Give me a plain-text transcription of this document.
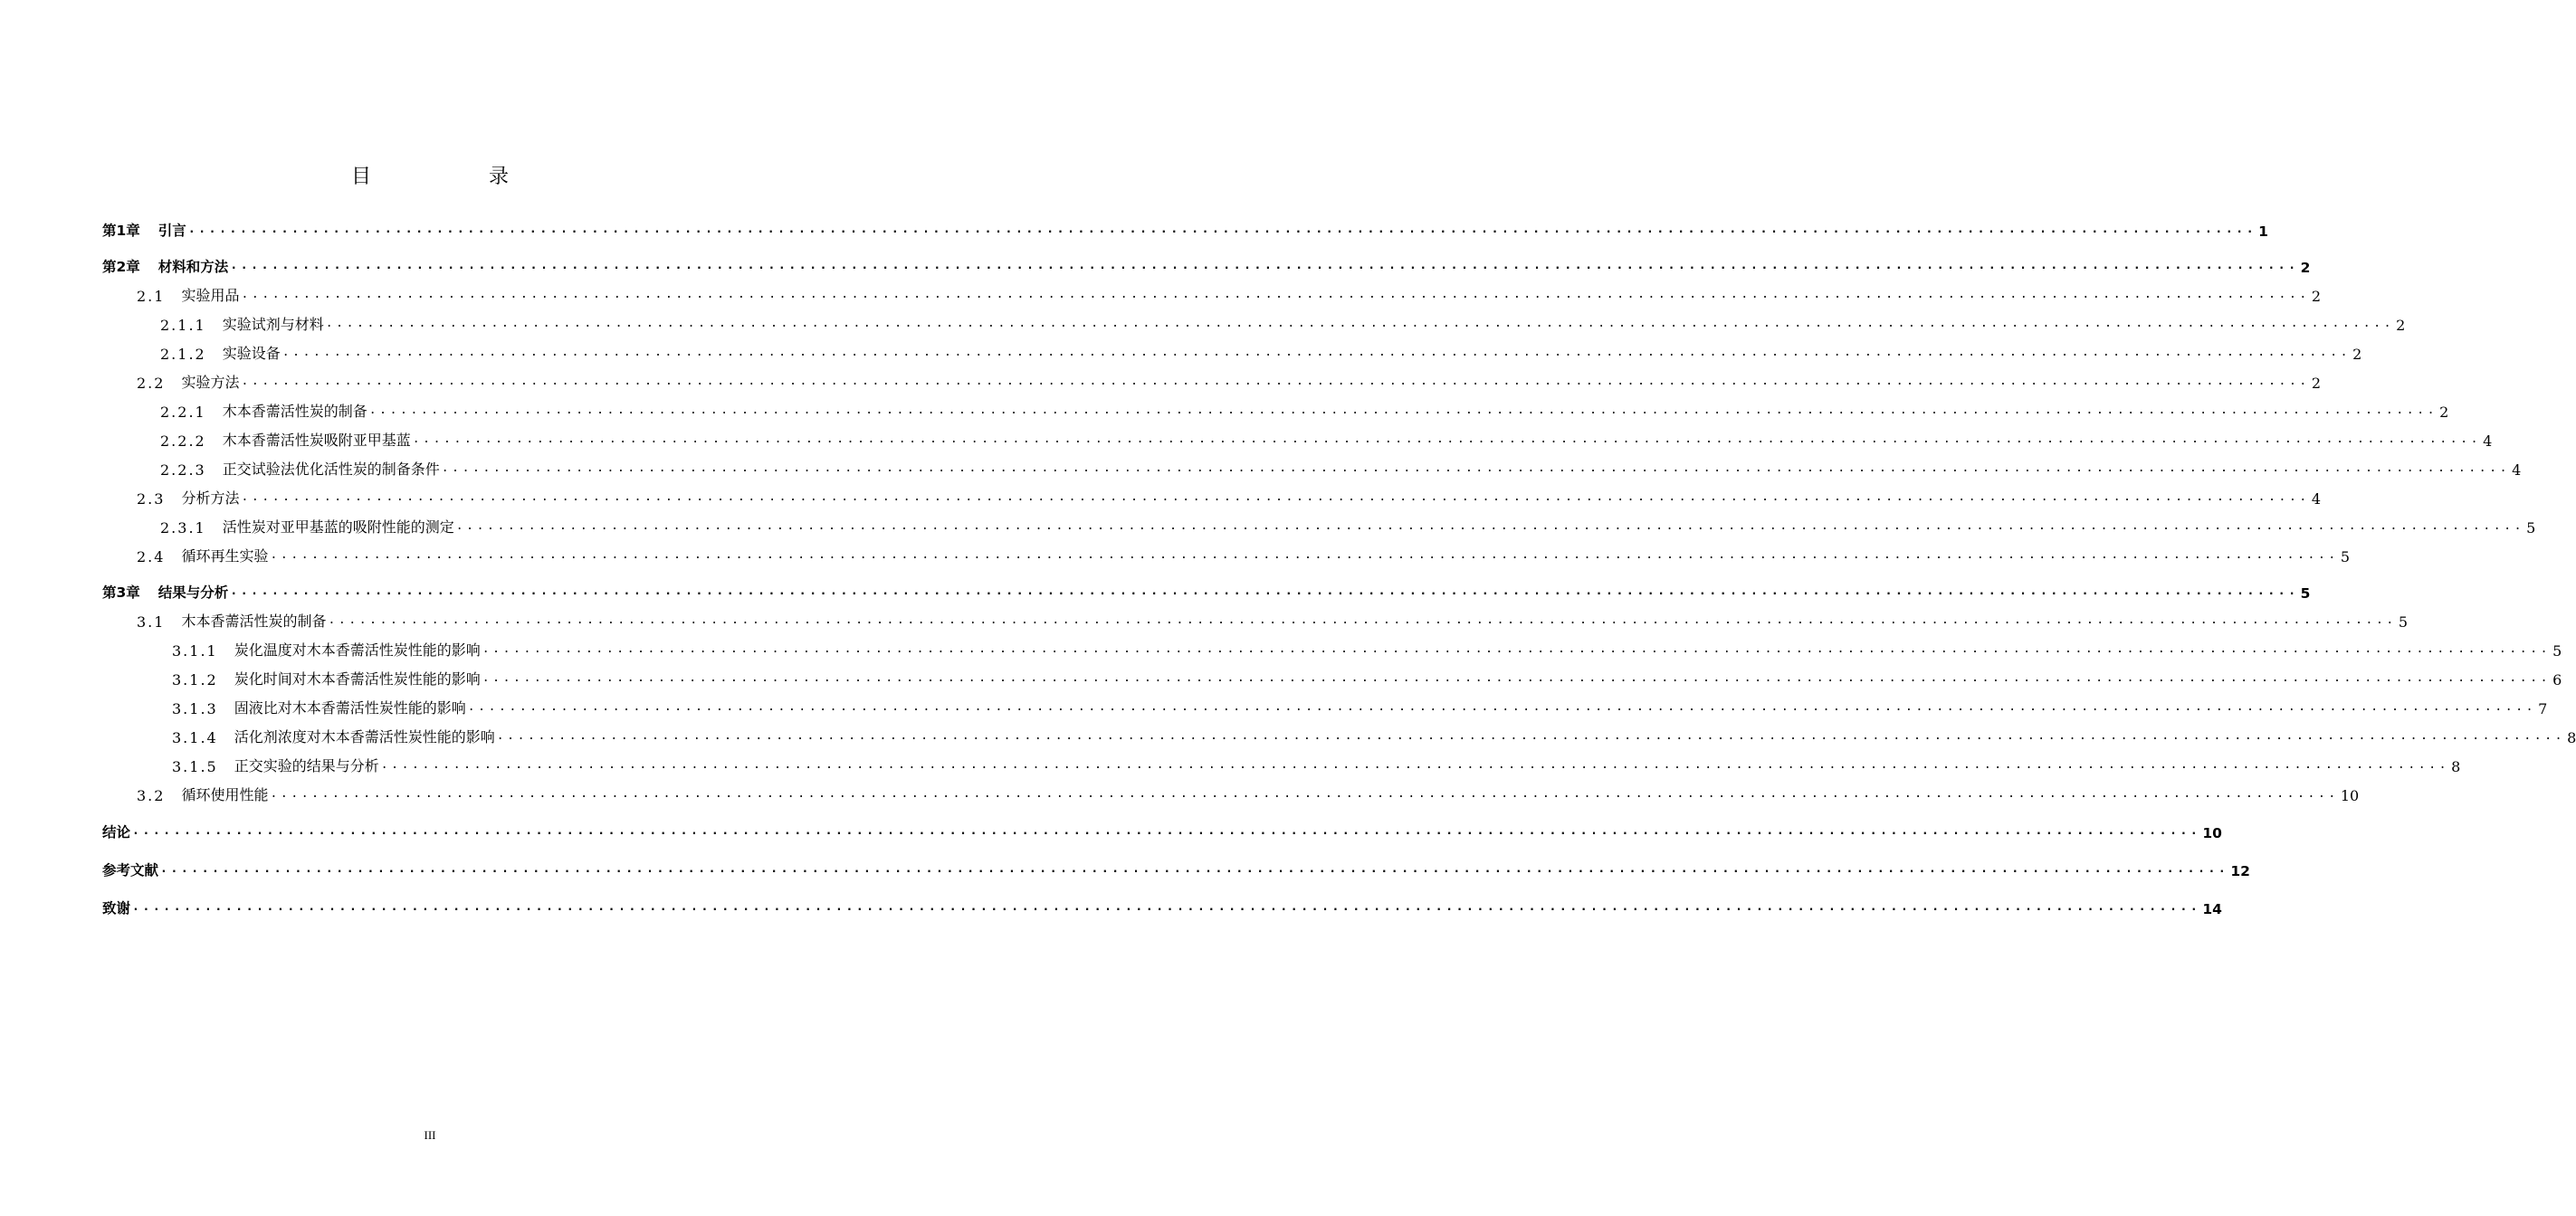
目　录
第1章 引言 ........................................................................................................................................................................................................ 1
第2章 材料和方法 ........................................................................................................................................................................................................ 2
2.1 实验用品 ........................................................................................................................................................................................................ 2
2.1.1 实验试剂与材料 ........................................................................................................................................................................................................ 2
2.1.2 实验设备 ........................................................................................................................................................................................................ 2
2.2 实验方法 ........................................................................................................................................................................................................ 2
2.2.1 木本香薷活性炭的制备 ........................................................................................................................................................................................................ 2
2.2.2 木本香薷活性炭吸附亚甲基蓝 ........................................................................................................................................................................................................ 4
2.2.3 正交试验法优化活性炭的制备条件 ........................................................................................................................................................................................................ 4
2.3 分析方法 ........................................................................................................................................................................................................ 4
2.3.1 活性炭对亚甲基蓝的吸附性能的测定 ........................................................................................................................................................................................................ 5
2.4 循环再生实验 ........................................................................................................................................................................................................ 5
第3章 结果与分析 ........................................................................................................................................................................................................ 5
3.1 木本香薷活性炭的制备 ........................................................................................................................................................................................................ 5
3.1.1 炭化温度对木本香薷活性炭性能的影响 ........................................................................................................................................................................................................ 5
3.1.2 炭化时间对木本香薷活性炭性能的影响 ........................................................................................................................................................................................................ 6
3.1.3 固液比对木本香薷活性炭性能的影响 ........................................................................................................................................................................................................ 7
3.1.4 活化剂浓度对木本香薷活性炭性能的影响 ........................................................................................................................................................................................................ 8
3.1.5 正交实验的结果与分析 ........................................................................................................................................................................................................ 8
3.2 循环使用性能 ........................................................................................................................................................................................................ 10
结论 ........................................................................................................................................................................................................ 10
参考文献 ........................................................................................................................................................................................................ 12
致谢 ........................................................................................................................................................................................................ 14
III
